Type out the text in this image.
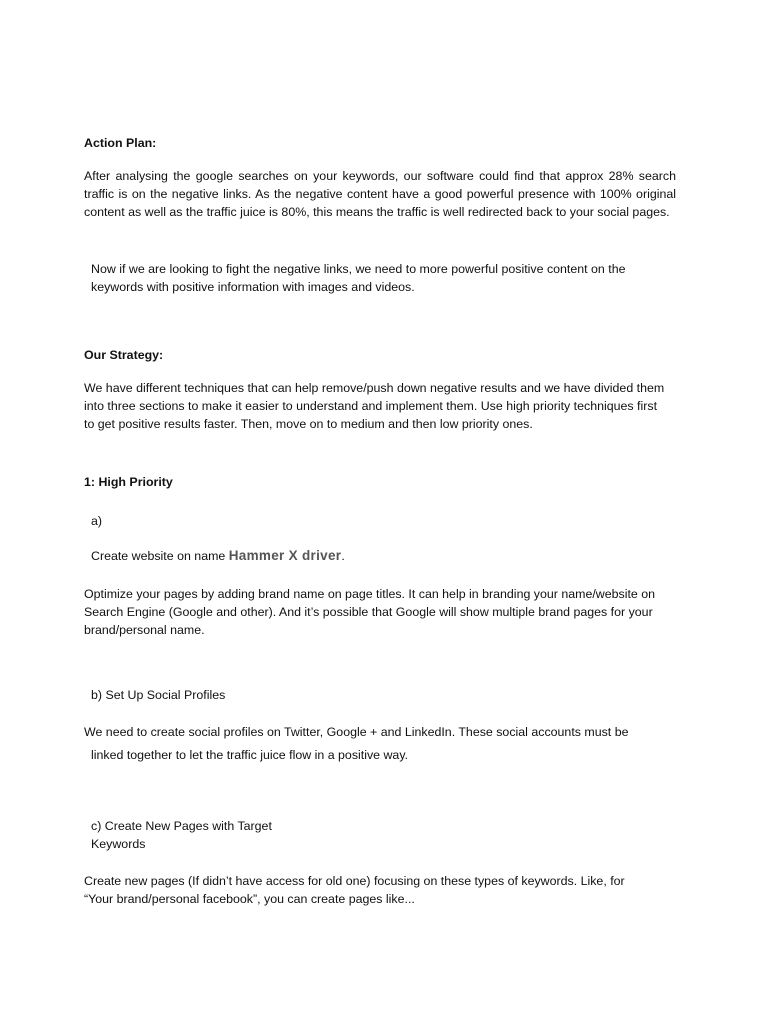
Action Plan:

After analysing the google searches on your keywords, our software could find that approx 28% search traffic is on the negative links. As the negative content have a good powerful presence with 100% original content as well as the traffic juice is 80%, this means the traffic is well redirected back to your social pages.

Now if we are looking to fight the negative links, we need to more powerful positive content on the
keywords with positive information with images and videos.

Our Strategy:

We have different techniques that can help remove/push down negative results and we have divided them
into three sections to make it easier to understand and implement them. Use high priority techniques first
to get positive results faster. Then, move on to medium and then low priority ones.

1: High Priority

a)

Create website on name Hammer X driver.

Optimize your pages by adding brand name on page titles. It can help in branding your name/website on
Search Engine (Google and other). And it’s possible that Google will show multiple brand pages for your
brand/personal name.

b) Set Up Social Profiles

We need to create social profiles on Twitter, Google + and LinkedIn. These social accounts must be

linked together to let the traffic juice flow in a positive way.

c) Create New Pages with Target
Keywords

Create new pages (If didn’t have access for old one) focusing on these types of keywords. Like, for
“Your brand/personal facebook”, you can create pages like...
